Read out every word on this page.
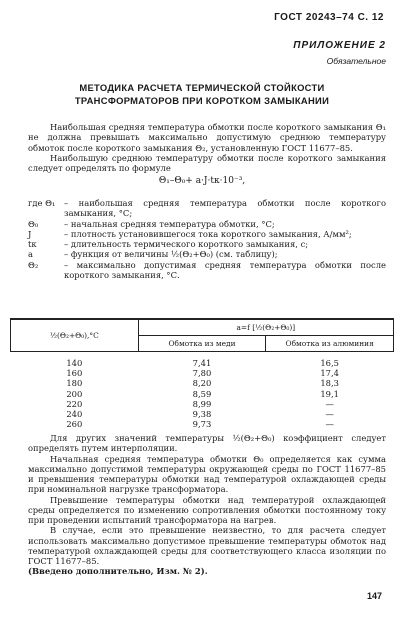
ГОСТ 20243–74 С. 12
ПРИЛОЖЕНИЕ 2
Обязательное
МЕТОДИКА РАСЧЕТА ТЕРМИЧЕСКОЙ СТОЙКОСТИ
ТРАНСФОРМАТОРОВ ПРИ КОРОТКОМ ЗАМЫКАНИИ

Наибольшая средняя температура обмотки после короткого замыкания Θ₁ не должна превышать максимально допустимую среднюю температуру обмоток после короткого замыкания Θ₂, установленную ГОСТ 11677–85.

Наибольшую среднюю температуру обмотки после короткого замыкания следует определять по формуле

Θ₁–Θ₀+ a·J·tк·10⁻³,
где Θ₁	– наибольшая средняя температура обмотки после короткого замыкания, °С;
Θ₀	– начальная средняя температура обмотки, °С;
J	– плотность установившегося тока короткого замыкания, А/мм²;
tк	– длительность термического короткого замыкания, с;
a	– функция от величины ½(Θ₂+Θ₀) (см. таблицу);
Θ₂	– максимально допустимая средняя температура обмотки после короткого замыкания, °С.
½(Θ₂+Θ₀),°С	a=f [½(Θ₂+Θ₀)]	
	Обмотка из меди	Обмотка из алюминия

140	7,41	16,5
160	7,80	17,4
180	8,20	18,3
200	8,59	19,1
220	8,99	—
240	9,38	—
260	9,73	—

Для других значений температуры ½(Θ₂+Θ₀) коэффициент следует определять путем интерполяции.

Начальная средняя температура обмотки Θ₀ определяется как сумма максимально допустимой температуры окружающей среды по ГОСТ 11677–85 и превышения температуры обмотки над температурой охлаждающей среды при номинальной нагрузке трансформатора.

Превышение температуры обмотки над температурой охлаждающей среды определяется по изменению сопротивления обмотки постоянному току при проведении испытаний трансформатора на нагрев.

В случае, если это превышение неизвестно, то для расчета следует использовать максимально допустимое превышение температуры обмоток над температурой охлаждающей среды для соответствующего класса изоляции по ГОСТ 11677–85.

(Введено дополнительно, Изм. № 2).

147
